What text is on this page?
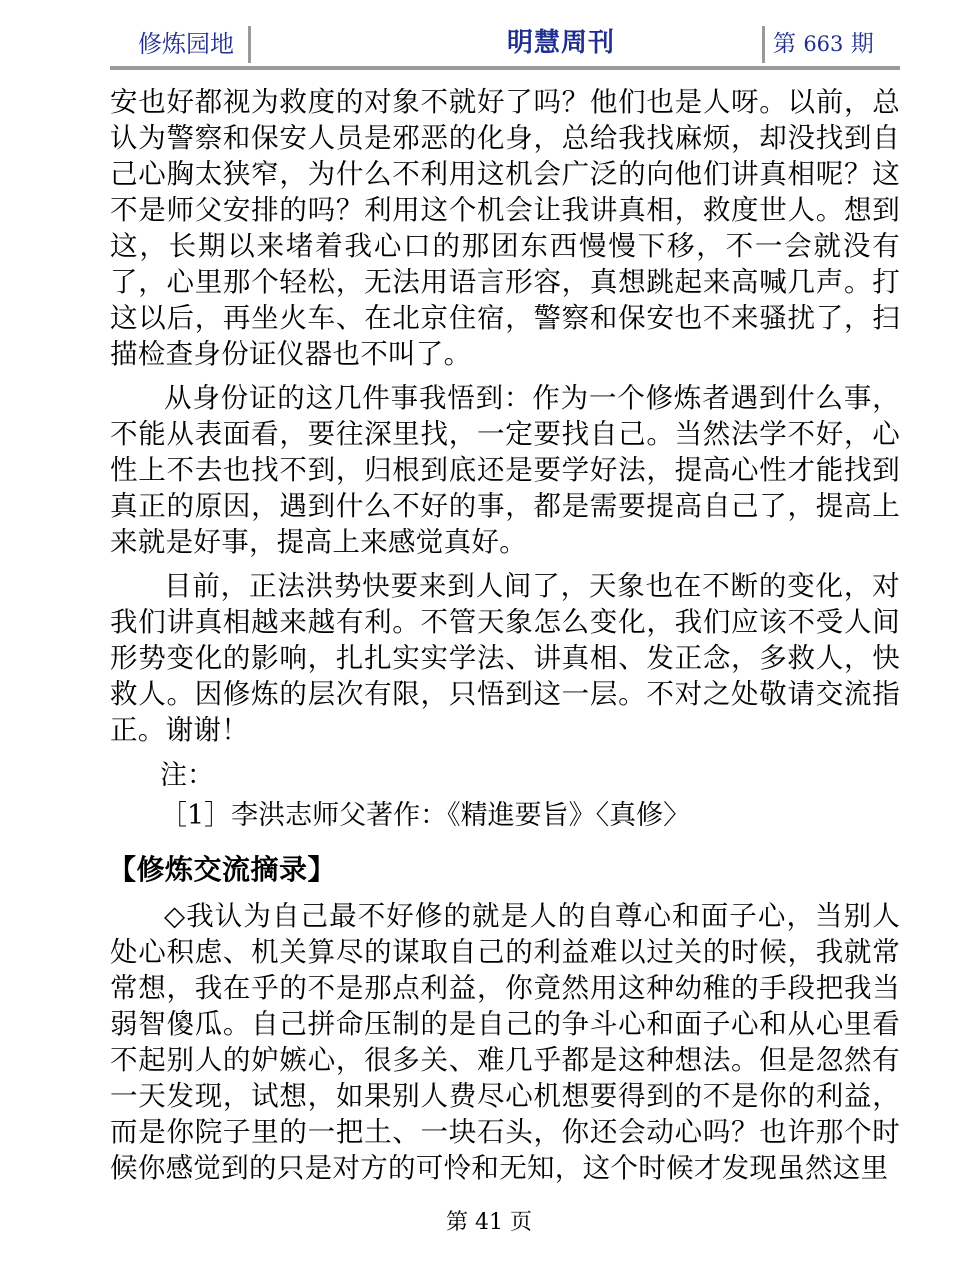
修炼园地	明慧周刊	第 663 期

安也好都视为救度的对象不就好了吗？他们也是人呀。以前，总认为警察和保安人员是邪恶的化身，总给我找麻烦，却没找到自己心胸太狭窄，为什么不利用这机会广泛的向他们讲真相呢？这不是师父安排的吗？利用这个机会让我讲真相，救度世人。想到这，长期以来堵着我心口的那团东西慢慢下移，不一会就没有了，心里那个轻松，无法用语言形容，真想跳起来高喊几声。打这以后，再坐火车、在北京住宿，警察和保安也不来骚扰了，扫描检查身份证仪器也不叫了。

从身份证的这几件事我悟到：作为一个修炼者遇到什么事，不能从表面看，要往深里找，一定要找自己。当然法学不好，心性上不去也找不到，归根到底还是要学好法，提高心性才能找到真正的原因，遇到什么不好的事，都是需要提高自己了，提高上来就是好事，提高上来感觉真好。

目前，正法洪势快要来到人间了，天象也在不断的变化，对我们讲真相越来越有利。不管天象怎么变化，我们应该不受人间形势变化的影响，扎扎实实学法、讲真相、发正念，多救人，快救人。因修炼的层次有限，只悟到这一层。不对之处敬请交流指正。谢谢！

注：

［1］李洪志师父著作：《精進要旨》〈真修〉

【修炼交流摘录】

◇我认为自己最不好修的就是人的自尊心和面子心，当别人处心积虑、机关算尽的谋取自己的利益难以过关的时候，我就常常想，我在乎的不是那点利益，你竟然用这种幼稚的手段把我当弱智傻瓜。自己拼命压制的是自己的争斗心和面子心和从心里看不起别人的妒嫉心，很多关、难几乎都是这种想法。但是忽然有一天发现，试想，如果别人费尽心机想要得到的不是你的利益，而是你院子里的一把土、一块石头，你还会动心吗？也许那个时候你感觉到的只是对方的可怜和无知，这个时候才发现虽然这里

第 41 页
